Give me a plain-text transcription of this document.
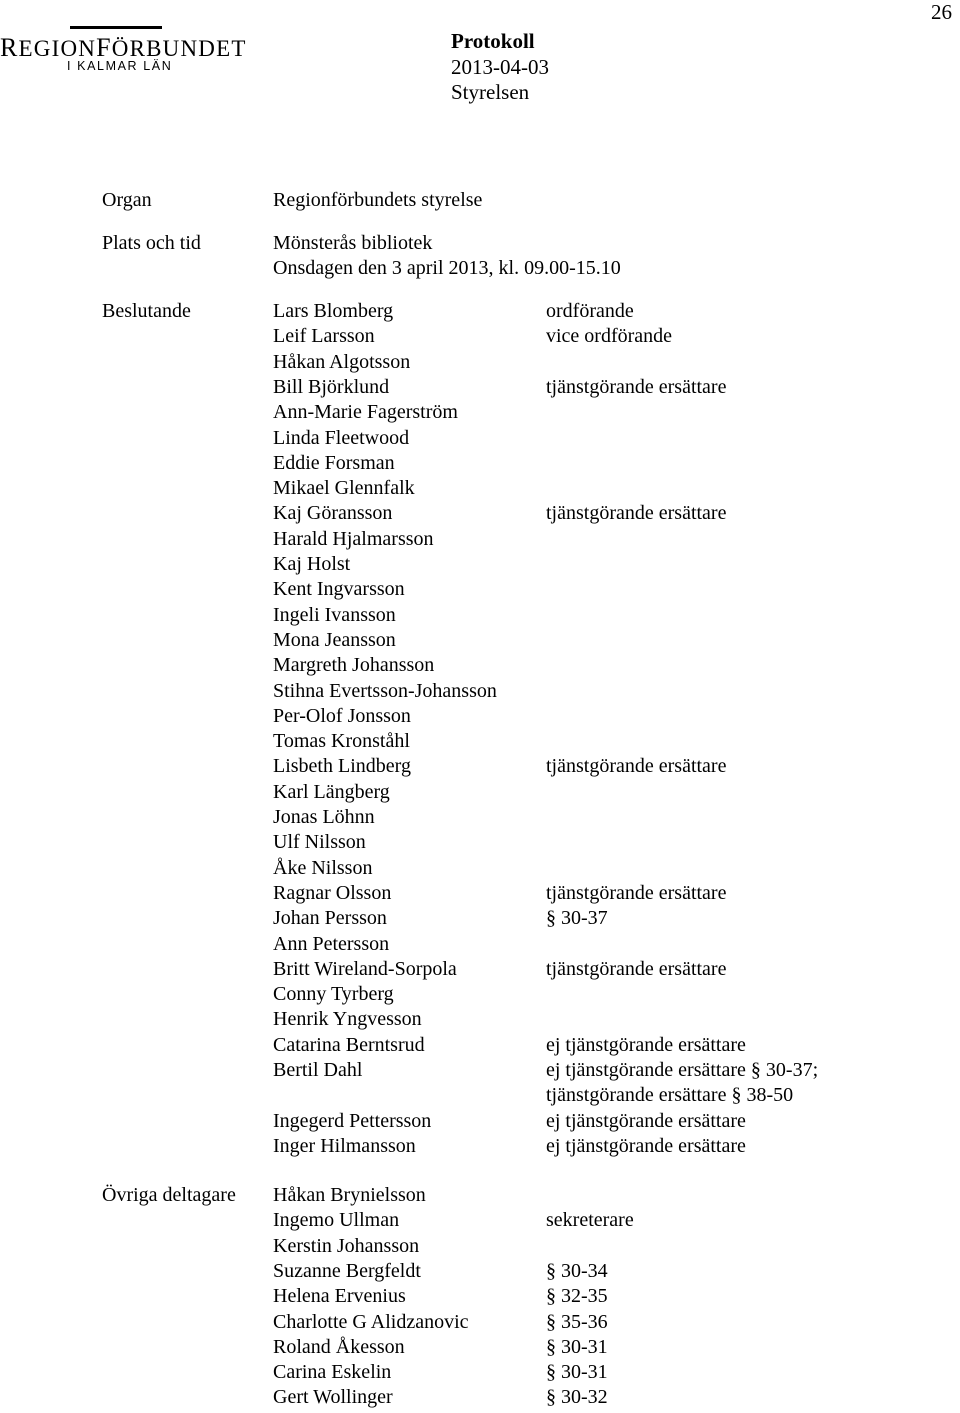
26
REGIONFÖRBUNDET
I KALMAR LÄN
Protokoll
2013-04-03
Styrelsen
Organ	Regionförbundets styrelse
Plats och tid	Mönsterås bibliotek
Onsdagen den 3 april 2013, kl. 09.00-15.10
Beslutande	Lars Blomberg	ordförande
Leif Larsson	vice ordförande
Håkan Algotsson
Bill Björklund	tjänstgörande ersättare
Ann-Marie Fagerström
Linda Fleetwood
Eddie Forsman
Mikael Glennfalk
Kaj Göransson	tjänstgörande ersättare
Harald Hjalmarsson
Kaj Holst
Kent Ingvarsson
Ingeli Ivansson
Mona Jeansson
Margreth Johansson
Stihna Evertsson-Johansson
Per-Olof Jonsson
Tomas Kronståhl
Lisbeth Lindberg	tjänstgörande ersättare
Karl Längberg
Jonas Löhnn
Ulf Nilsson
Åke Nilsson
Ragnar Olsson	tjänstgörande ersättare
Johan Persson	§ 30-37
Ann Petersson
Britt Wireland-Sorpola	tjänstgörande ersättare
Conny Tyrberg
Henrik Yngvesson
Catarina Berntsrud	ej tjänstgörande ersättare
Bertil Dahl	ej tjänstgörande ersättare § 30-37;
tjänstgörande ersättare § 38-50
Ingegerd Pettersson	ej tjänstgörande ersättare
Inger Hilmansson	ej tjänstgörande ersättare
Övriga deltagare Håkan Brynielsson
Ingemo Ullman	sekreterare
Kerstin Johansson
Suzanne Bergfeldt	§ 30-34
Helena Ervenius	§ 32-35
Charlotte G Alidzanovic	§ 35-36
Roland Åkesson	§ 30-31
Carina Eskelin	§ 30-31
Gert Wollinger	§ 30-32
